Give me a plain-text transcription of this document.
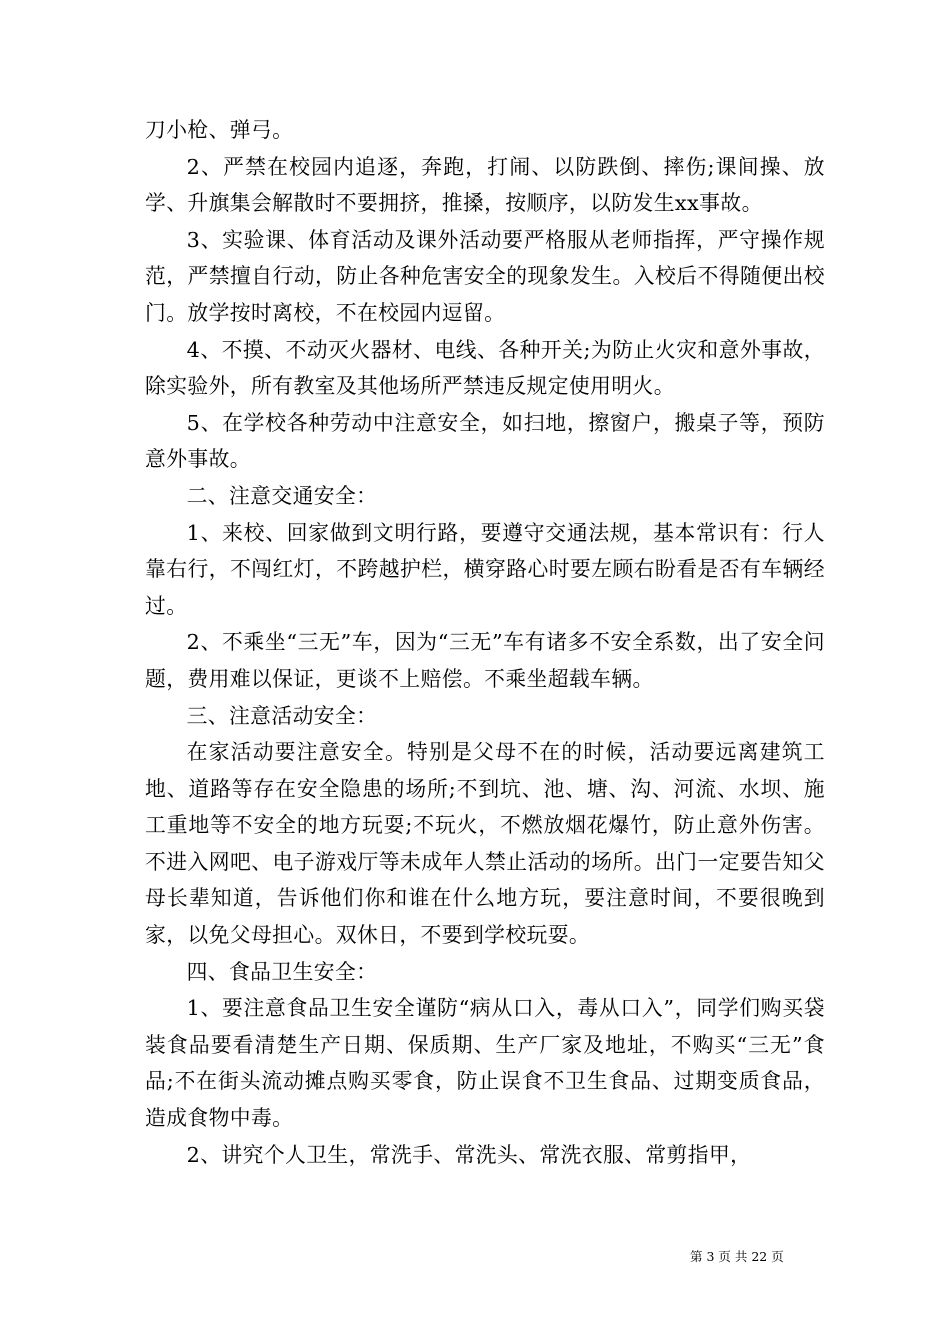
刀小枪、弹弓。

2、严禁在校园内追逐，奔跑，打闹、以防跌倒、摔伤;课间操、放学、升旗集会解散时不要拥挤，推搡，按顺序，以防发生xx事故。

3、实验课、体育活动及课外活动要严格服从老师指挥，严守操作规范，严禁擅自行动，防止各种危害安全的现象发生。入校后不得随便出校门。放学按时离校，不在校园内逗留。

4、不摸、不动灭火器材、电线、各种开关;为防止火灾和意外事故，除实验外，所有教室及其他场所严禁违反规定使用明火。

5、在学校各种劳动中注意安全，如扫地，擦窗户，搬桌子等，预防意外事故。

二、注意交通安全：

1、来校、回家做到文明行路，要遵守交通法规，基本常识有：行人靠右行，不闯红灯，不跨越护栏，横穿路心时要左顾右盼看是否有车辆经过。

2、不乘坐“三无”车，因为“三无”车有诸多不安全系数，出了安全问题，费用难以保证，更谈不上赔偿。不乘坐超载车辆。

三、注意活动安全：

在家活动要注意安全。特别是父母不在的时候，活动要远离建筑工地、道路等存在安全隐患的场所;不到坑、池、塘、沟、河流、水坝、施工重地等不安全的地方玩耍;不玩火，不燃放烟花爆竹，防止意外伤害。不进入网吧、电子游戏厅等未成年人禁止活动的场所。出门一定要告知父母长辈知道，告诉他们你和谁在什么地方玩，要注意时间，不要很晚到家，以免父母担心。双休日，不要到学校玩耍。

四、食品卫生安全：

1、要注意食品卫生安全谨防“病从口入，毒从口入”，同学们购买袋装食品要看清楚生产日期、保质期、生产厂家及地址，不购买“三无”食品;不在街头流动摊点购买零食，防止误食不卫生食品、过期变质食品，造成食物中毒。

2、讲究个人卫生，常洗手、常洗头、常洗衣服、常剪指甲，

第 3 页 共 22 页
